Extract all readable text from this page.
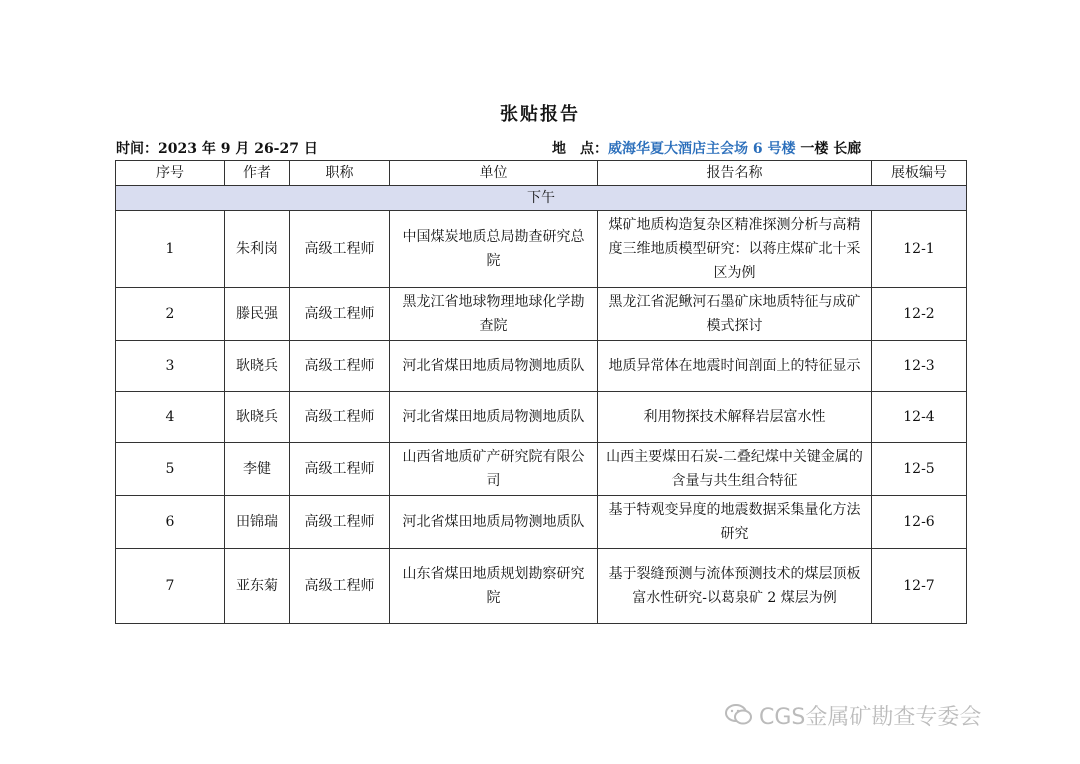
张贴报告
时间：2023 年 9 月 26-27 日	地　点：威海华夏大酒店主会场 6 号楼 一楼 长廊
序号	作者	职称	单位	报告名称	展板编号
下午					
1	朱利岗	高级工程师	中国煤炭地质总局勘查研究总院	煤矿地质构造复杂区精准探测分析与高精度三维地质模型研究：以蒋庄煤矿北十采区为例	12-1
2	滕民强	高级工程师	黑龙江省地球物理地球化学勘查院	黑龙江省泥鳅河石墨矿床地质特征与成矿模式探讨	12-2
3	耿晓兵	高级工程师	河北省煤田地质局物测地质队	地质异常体在地震时间剖面上的特征显示	12-3
4	耿晓兵	高级工程师	河北省煤田地质局物测地质队	利用物探技术解释岩层富水性	12-4
5	李健	高级工程师	山西省地质矿产研究院有限公司	山西主要煤田石炭-二叠纪煤中关键金属的含量与共生组合特征	12-5
6	田锦瑞	高级工程师	河北省煤田地质局物测地质队	基于特观变异度的地震数据采集量化方法研究	12-6
7	亚东菊	高级工程师	山东省煤田地质规划勘察研究院	基于裂缝预测与流体预测技术的煤层顶板富水性研究-以葛泉矿 2 煤层为例	12-7
CGS金属矿勘查专委会
